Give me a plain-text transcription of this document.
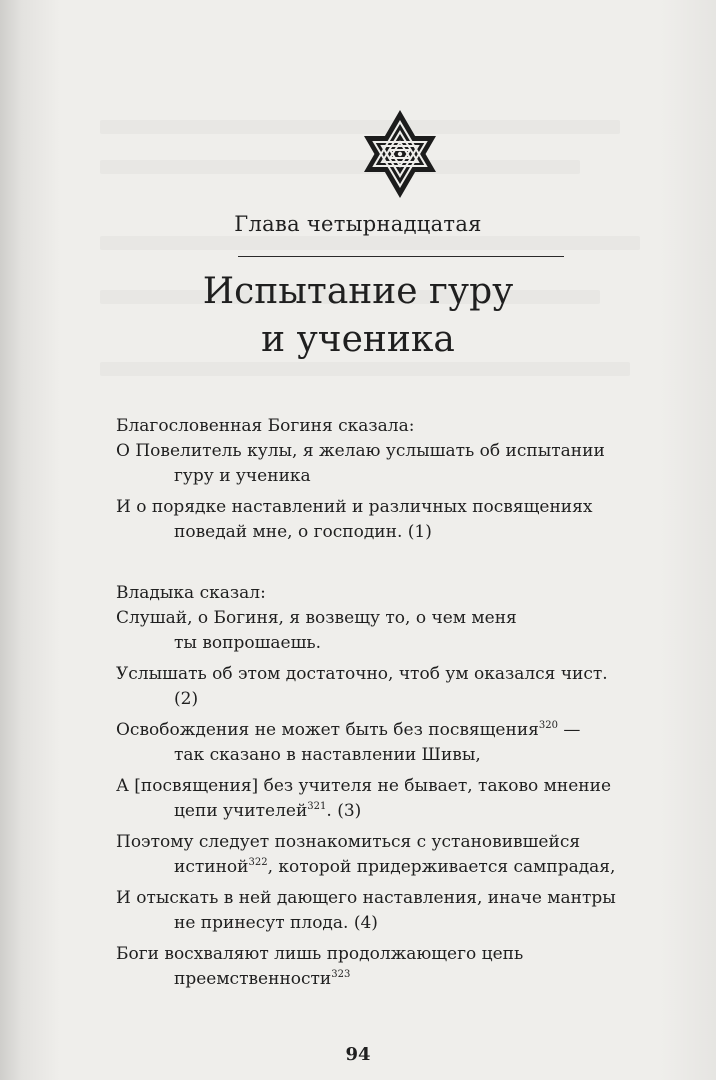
Глава четырнадцатая
Испытание гуру
и ученика

Благословенная Богиня сказала:

О Повелитель кулы, я желаю услышать об испытании
гуру и ученика

И о порядке наставлений и различных посвящениях
поведай мне, о господин. (1)

Владыка сказал:

Слушай, о Богиня, я возвещу то, о чем меня
ты вопрошаешь.

Услышать об этом достаточно, чтоб ум оказался чист.
(2)

Освобождения не может быть без посвящения$^{320}$ —
так сказано в наставлении Шивы,

А [посвящения] без учителя не бывает, таково мнение
цепи учителей$^{321}$. (3)

Поэтому следует познакомиться с установившейся
истиной$^{322}$, которой придерживается сампрадая,

И отыскать в ней дающего наставления, иначе мантры
не принесут плода. (4)

Боги восхваляют лишь продолжающего цепь
преемственности$^{323}$

94
